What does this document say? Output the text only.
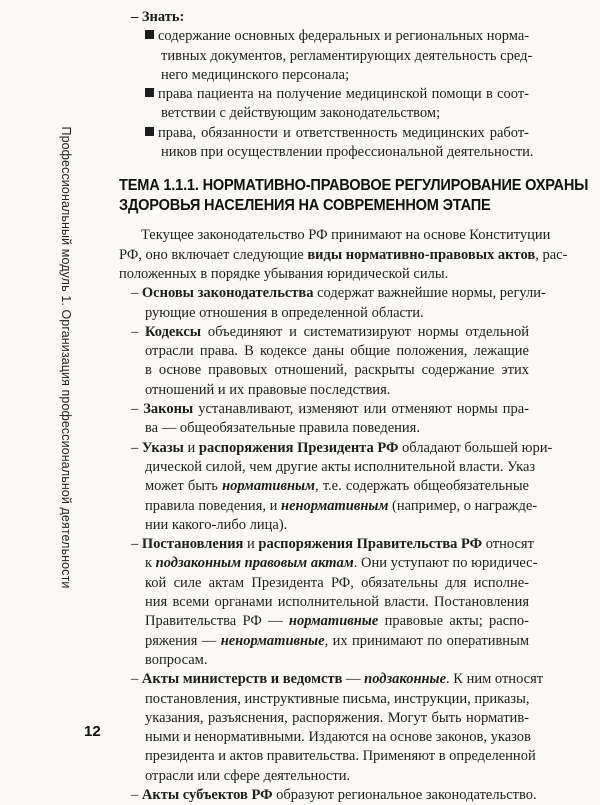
Профессиональный модуль 1. Организация профессиональной деятельности
– Знать:
содержание основных федеральных и региональных норма-
тивных документов, регламентирующих деятельность сред-
него медицинского персонала;
права пациента на получение медицинской помощи в соот-
ветствии с действующим законодательством;
права, обязанности и ответственность медицинских работ-
ников при осуществлении профессиональной деятельности.
ТЕМА 1.1.1. НОРМАТИВНО-ПРАВОВОЕ РЕГУЛИРОВАНИЕ ОХРАНЫ
ЗДОРОВЬЯ НАСЕЛЕНИЯ НА СОВРЕМЕННОМ ЭТАПЕ
Текущее законодательство РФ принимают на основе Конституции
РФ, оно включает следующие виды нормативно-правовых актов, рас-
положенных в порядке убывания юридической силы.
– Основы законодательства содержат важнейшие нормы, регули-
рующие отношения в определенной области.
– Кодексы объединяют и систематизируют нормы отдельной
отрасли права. В кодексе даны общие положения, лежащие
в основе правовых отношений, раскрыты содержание этих
отношений и их правовые последствия.
– Законы устанавливают, изменяют или отменяют нормы пра-
ва — общеобязательные правила поведения.
– Указы и распоряжения Президента РФ обладают большей юри-
дической силой, чем другие акты исполнительной власти. Указ
может быть нормативным, т.е. содержать общеобязательные
правила поведения, и ненормативным (например, о награжде-
нии какого-либо лица).
– Постановления и распоряжения Правительства РФ относят
к подзаконным правовым актам. Они уступают по юридичес-
кой силе актам Президента РФ, обязательны для исполне-
ния всеми органами исполнительной власти. Постановления
Правительства РФ — нормативные правовые акты; распо-
ряжения — ненормативные, их принимают по оперативным
вопросам.
– Акты министерств и ведомств — подзаконные. К ним относят
постановления, инструктивные письма, инструкции, приказы,
указания, разъяснения, распоряжения. Могут быть норматив-
ными и ненормативными. Издаются на основе законов, указов
президента и актов правительства. Применяют в определенной
отрасли или сфере деятельности.
– Акты субъектов РФ образуют региональное законодательство.
12
